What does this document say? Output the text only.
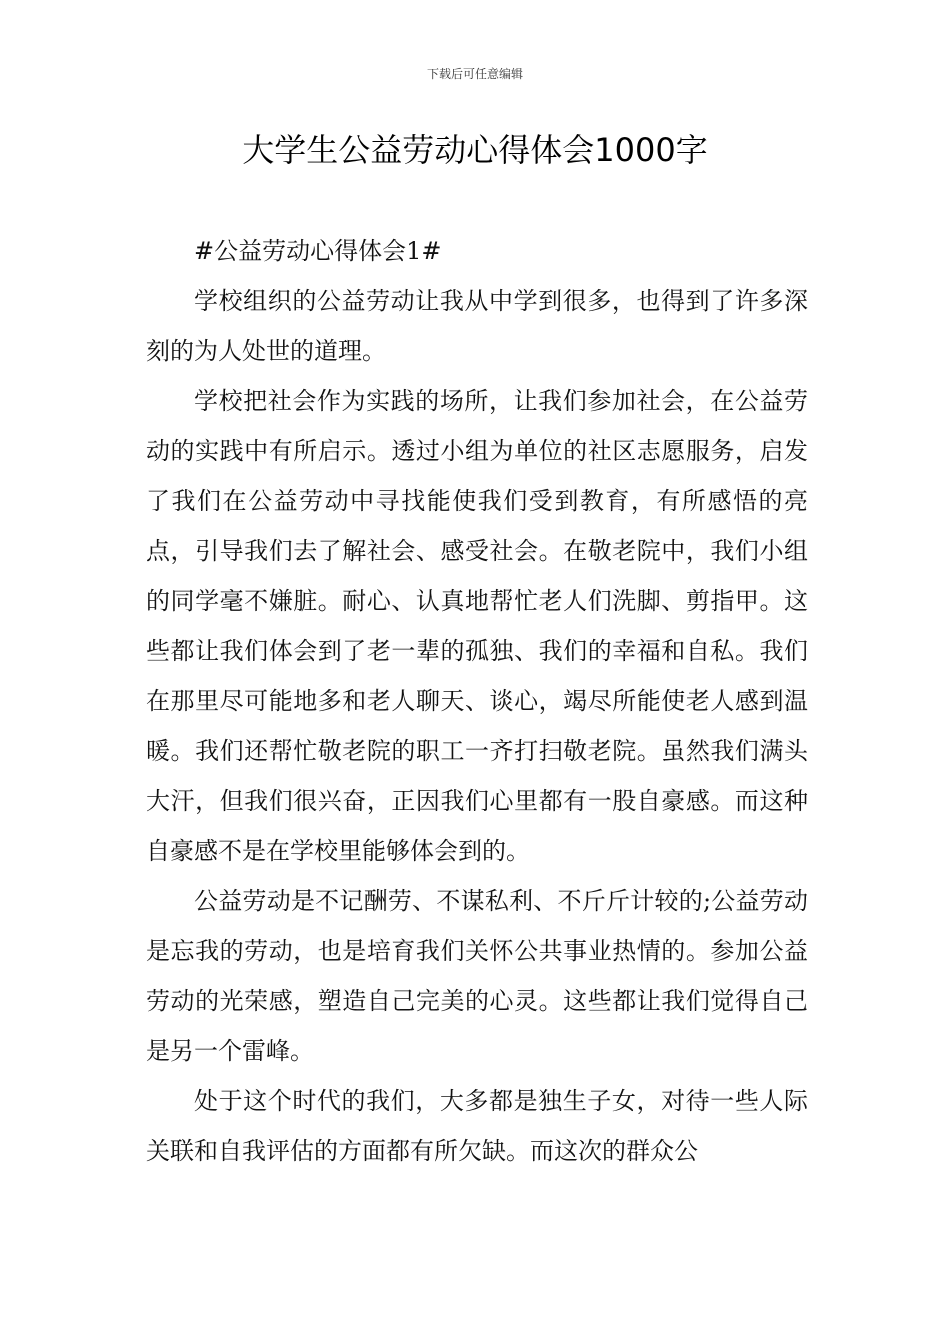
下载后可任意编辑
大学生公益劳动心得体会1000字

#公益劳动心得体会1#

学校组织的公益劳动让我从中学到很多，也得到了许多深刻的为人处世的道理。

学校把社会作为实践的场所，让我们参加社会，在公益劳动的实践中有所启示。透过小组为单位的社区志愿服务，启发了我们在公益劳动中寻找能使我们受到教育，有所感悟的亮点，引导我们去了解社会、感受社会。在敬老院中，我们小组的同学毫不嫌脏。耐心、认真地帮忙老人们洗脚、剪指甲。这些都让我们体会到了老一辈的孤独、我们的幸福和自私。我们在那里尽可能地多和老人聊天、谈心，竭尽所能使老人感到温暖。我们还帮忙敬老院的职工一齐打扫敬老院。虽然我们满头大汗，但我们很兴奋，正因我们心里都有一股自豪感。而这种自豪感不是在学校里能够体会到的。

公益劳动是不记酬劳、不谋私利、不斤斤计较的;公益劳动是忘我的劳动，也是培育我们关怀公共事业热情的。参加公益劳动的光荣感，塑造自己完美的心灵。这些都让我们觉得自己是另一个雷峰。

处于这个时代的我们，大多都是独生子女，对待一些人际关联和自我评估的方面都有所欠缺。而这次的群众公
